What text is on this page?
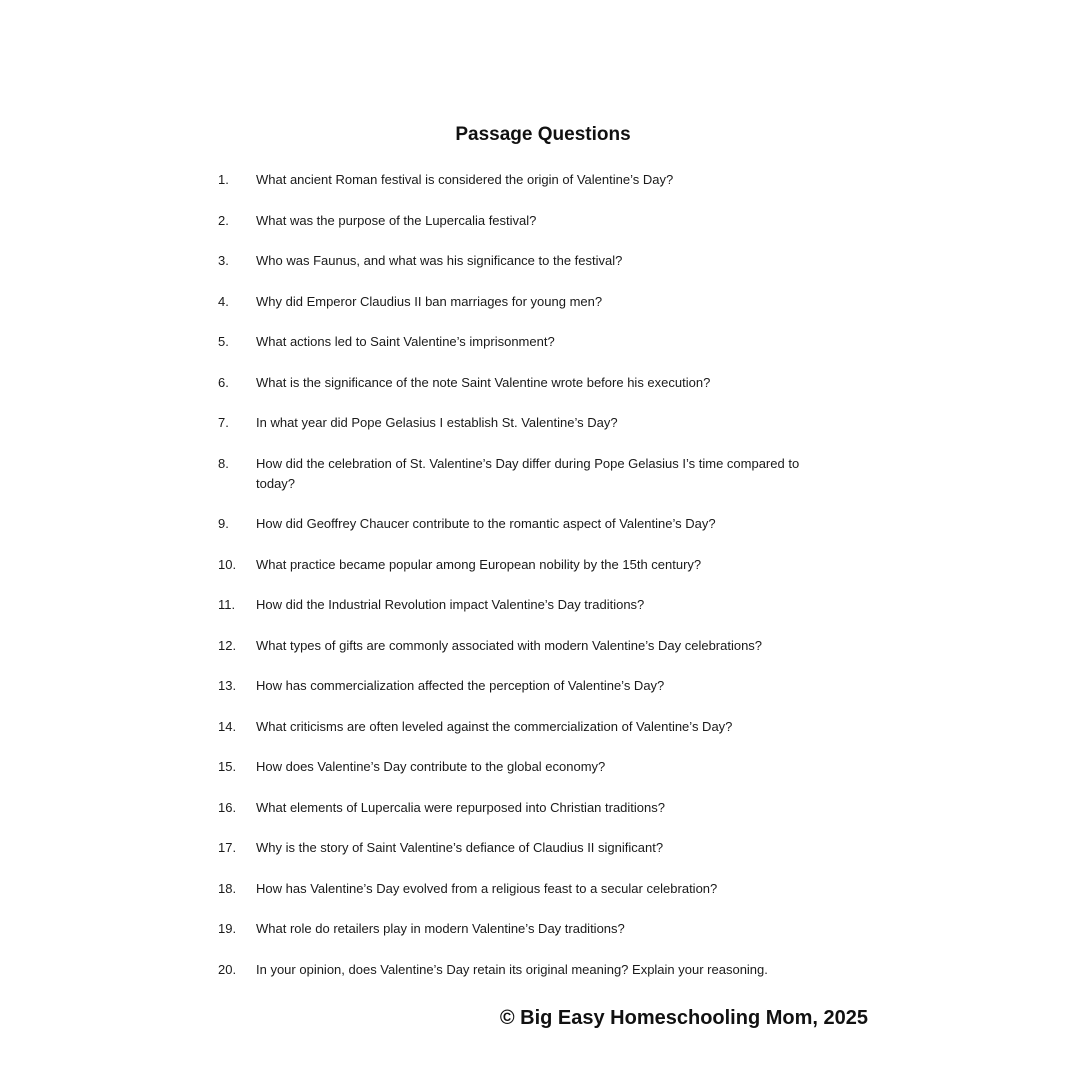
Passage Questions
1.	What ancient Roman festival is considered the origin of Valentine’s Day?
2.	What was the purpose of the Lupercalia festival?
3.	Who was Faunus, and what was his significance to the festival?
4.	Why did Emperor Claudius II ban marriages for young men?
5.	What actions led to Saint Valentine’s imprisonment?
6.	What is the significance of the note Saint Valentine wrote before his execution?
7.	In what year did Pope Gelasius I establish St. Valentine’s Day?
8.	How did the celebration of St. Valentine’s Day differ during Pope Gelasius I’s time compared to today?
9.	How did Geoffrey Chaucer contribute to the romantic aspect of Valentine’s Day?
10.	What practice became popular among European nobility by the 15th century?
11.	How did the Industrial Revolution impact Valentine’s Day traditions?
12.	What types of gifts are commonly associated with modern Valentine’s Day celebrations?
13.	How has commercialization affected the perception of Valentine’s Day?
14.	What criticisms are often leveled against the commercialization of Valentine’s Day?
15.	How does Valentine’s Day contribute to the global economy?
16.	What elements of Lupercalia were repurposed into Christian traditions?
17.	Why is the story of Saint Valentine’s defiance of Claudius II significant?
18.	How has Valentine’s Day evolved from a religious feast to a secular celebration?
19.	What role do retailers play in modern Valentine’s Day traditions?
20.	In your opinion, does Valentine’s Day retain its original meaning? Explain your reasoning.

© Big Easy Homeschooling Mom, 2025
